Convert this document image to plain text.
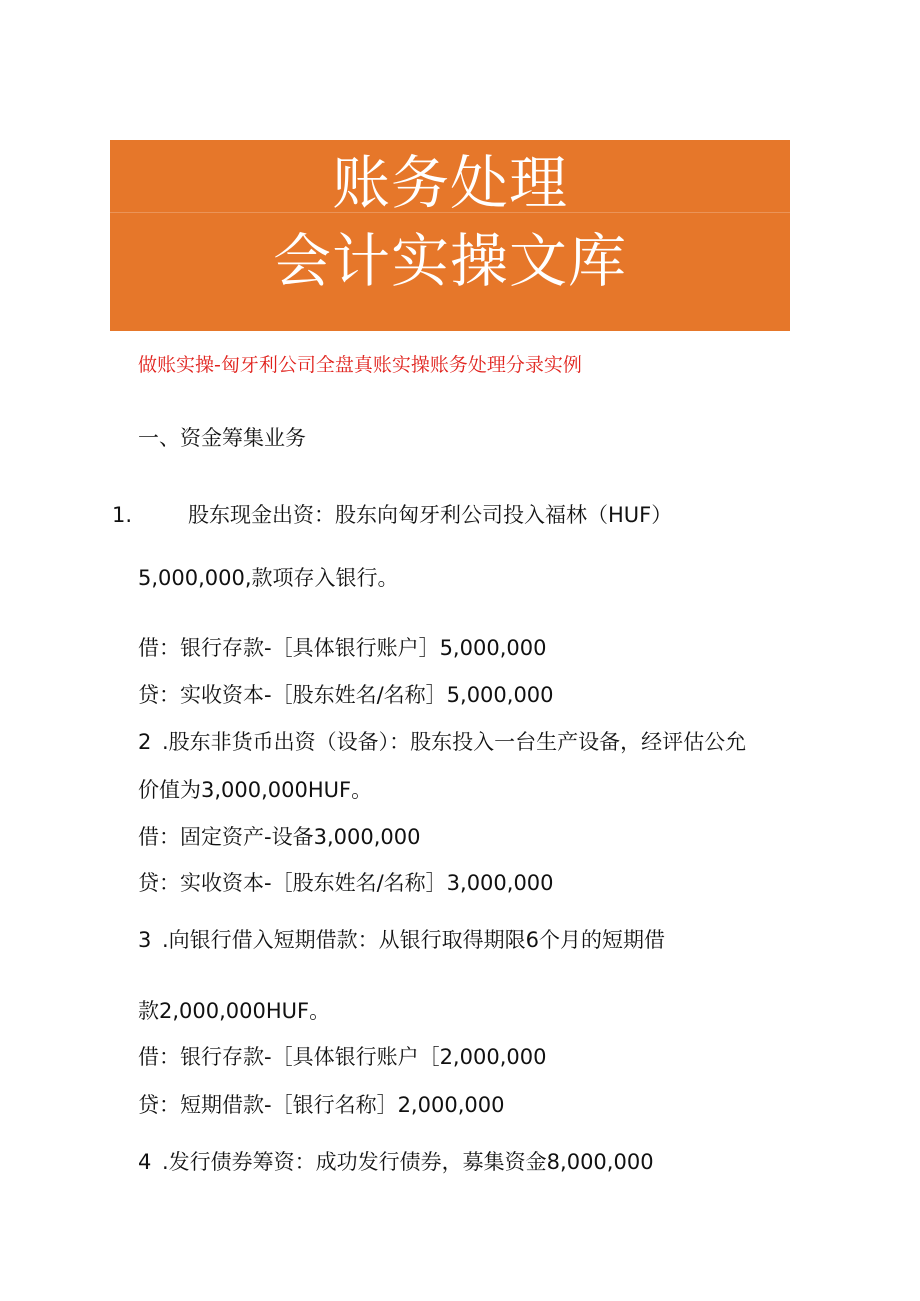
账务处理
会计实操文库
做账实操-匈牙利公司全盘真账实操账务处理分录实例
一、资金筹集业务
1.	股东现金出资：股东向匈牙利公司投入福林（HUF）
5,000,000,款项存入银行。
借：银行存款-［具体银行账户］5,000,000
贷：实收资本-［股东姓名/名称］5,000,000
2 .股东非货币出资（设备）：股东投入一台生产设备，经评估公允
价值为3,000,000HUF。
借：固定资产-设备3,000,000
贷：实收资本-［股东姓名/名称］3,000,000
3 .向银行借入短期借款：从银行取得期限6个月的短期借
款2,000,000HUF。
借：银行存款-［具体银行账户［2,000,000
贷：短期借款-［银行名称］2,000,000
4 .发行债券筹资：成功发行债券，募集资金8,000,000
